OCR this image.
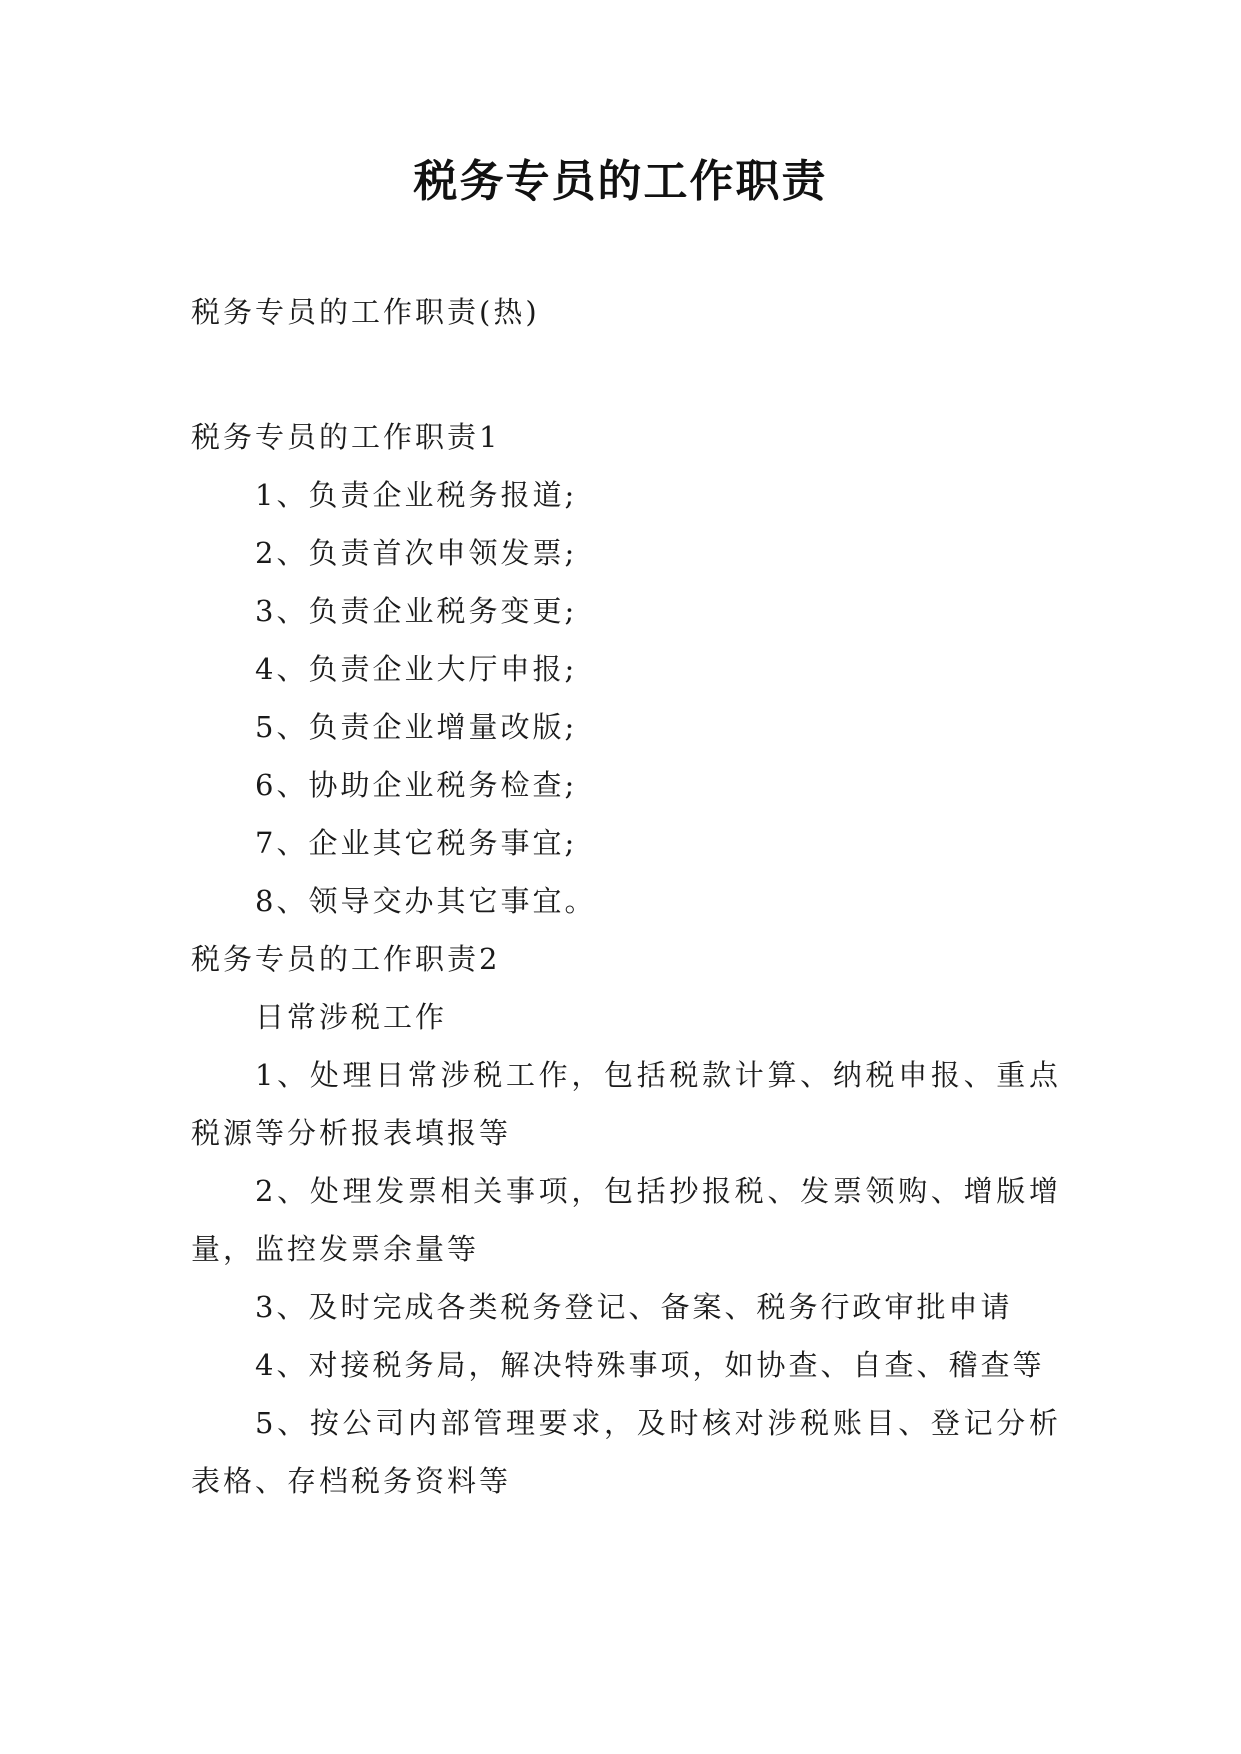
税务专员的工作职责
税务专员的工作职责(热)

税务专员的工作职责1

1、负责企业税务报道;

2、负责首次申领发票;

3、负责企业税务变更;

4、负责企业大厅申报;

5、负责企业增量改版;

6、协助企业税务检查;

7、企业其它税务事宜;

8、领导交办其它事宜。

税务专员的工作职责2

日常涉税工作

1、处理日常涉税工作，包括税款计算、纳税申报、重点税源等分析报表填报等

2、处理发票相关事项，包括抄报税、发票领购、增版增量，监控发票余量等

3、及时完成各类税务登记、备案、税务行政审批申请

4、对接税务局，解决特殊事项，如协查、自查、稽查等

5、按公司内部管理要求，及时核对涉税账目、登记分析表格、存档税务资料等
